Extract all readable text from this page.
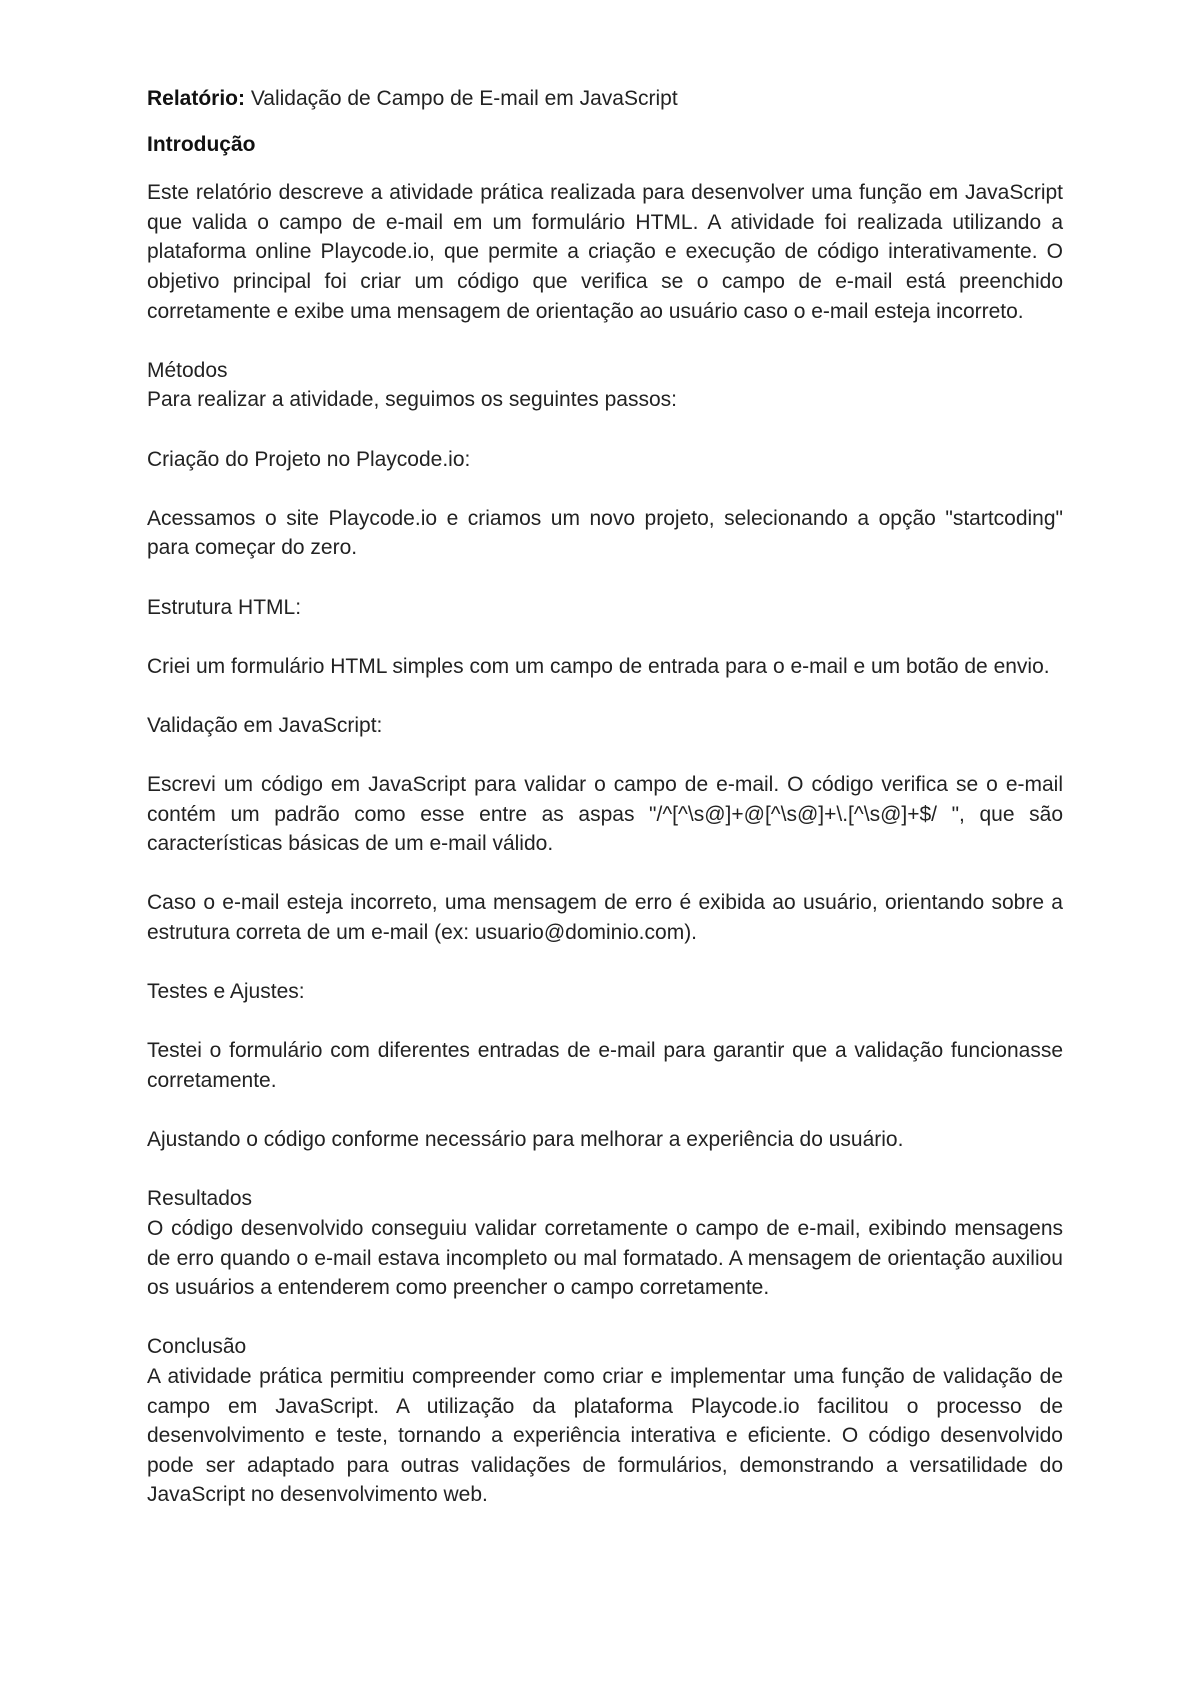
Relatório: Validação de Campo de E-mail em JavaScript
Introdução

Este relatório descreve a atividade prática realizada para desenvolver uma função em JavaScript que valida o campo de e-mail em um formulário HTML. A atividade foi realizada utilizando a plataforma online Playcode.io, que permite a criação e execução de código interativamente. O objetivo principal foi criar um código que verifica se o campo de e-mail está preenchido corretamente e exibe uma mensagem de orientação ao usuário caso o e-mail esteja incorreto.

Métodos

Para realizar a atividade, seguimos os seguintes passos:

Criação do Projeto no Playcode.io:

Acessamos o site Playcode.io e criamos um novo projeto, selecionando a opção "startcoding" para começar do zero.

Estrutura HTML:

Criei um formulário HTML simples com um campo de entrada para o e-mail e um botão de envio.

Validação em JavaScript:

Escrevi um código em JavaScript para validar o campo de e-mail. O código verifica se o e-mail contém um padrão como esse entre as aspas "/^[^\s@]+@[^\s@]+\.[^\s@]+$/ ", que são características básicas de um e-mail válido.

Caso o e-mail esteja incorreto, uma mensagem de erro é exibida ao usuário, orientando sobre a estrutura correta de um e-mail (ex: usuario@dominio.com).

Testes e Ajustes:

Testei o formulário com diferentes entradas de e-mail para garantir que a validação funcionasse corretamente.

Ajustando o código conforme necessário para melhorar a experiência do usuário.

Resultados

O código desenvolvido conseguiu validar corretamente o campo de e-mail, exibindo mensagens de erro quando o e-mail estava incompleto ou mal formatado. A mensagem de orientação auxiliou os usuários a entenderem como preencher o campo corretamente.

Conclusão

A atividade prática permitiu compreender como criar e implementar uma função de validação de campo em JavaScript. A utilização da plataforma Playcode.io facilitou o processo de desenvolvimento e teste, tornando a experiência interativa e eficiente. O código desenvolvido pode ser adaptado para outras validações de formulários, demonstrando a versatilidade do JavaScript no desenvolvimento web.
